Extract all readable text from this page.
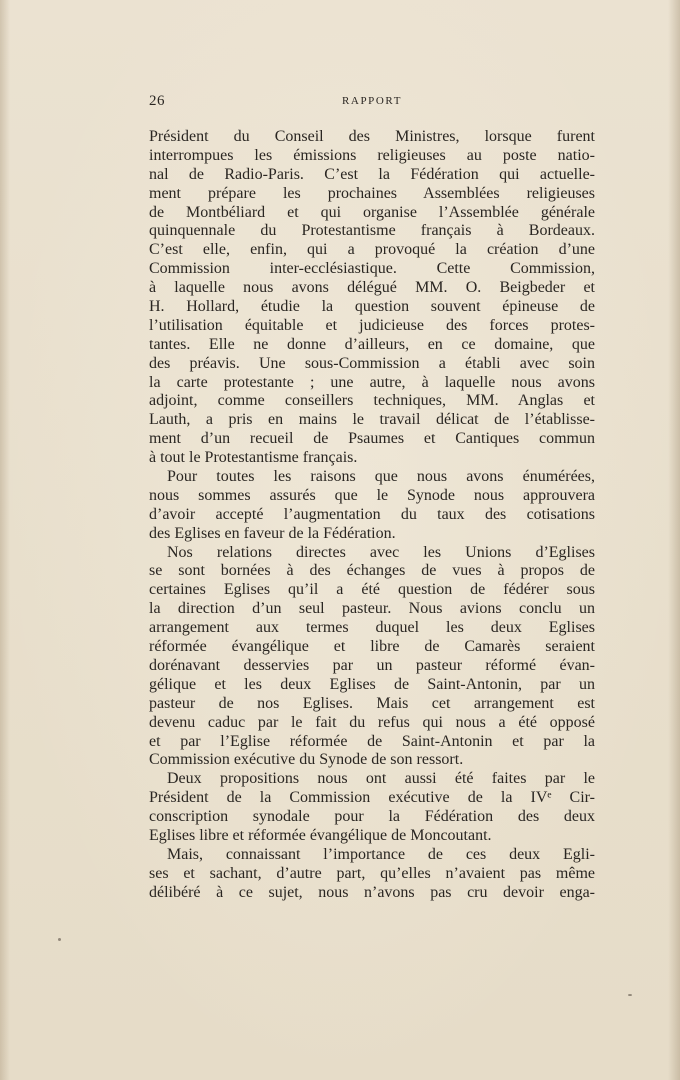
26	RAPPORT
Président du Conseil des Ministres, lorsque furent
interrompues les émissions religieuses au poste natio-
nal de Radio-Paris. C’est la Fédération qui actuelle-
ment prépare les prochaines Assemblées religieuses
de Montbéliard et qui organise l’Assemblée générale
quinquennale du Protestantisme français à Bordeaux.
C’est elle, enfin, qui a provoqué la création d’une
Commission inter-ecclésiastique. Cette Commission,
à laquelle nous avons délégué MM. O. Beigbeder et
H. Hollard, étudie la question souvent épineuse de
l’utilisation équitable et judicieuse des forces protes-
tantes. Elle ne donne d’ailleurs, en ce domaine, que
des préavis. Une sous-Commission a établi avec soin
la carte protestante ; une autre, à laquelle nous avons
adjoint, comme conseillers techniques, MM. Anglas et
Lauth, a pris en mains le travail délicat de l’établisse-
ment d’un recueil de Psaumes et Cantiques commun
à tout le Protestantisme français.
Pour toutes les raisons que nous avons énumérées,
nous sommes assurés que le Synode nous approuvera
d’avoir accepté l’augmentation du taux des cotisations
des Eglises en faveur de la Fédération.
Nos relations directes avec les Unions d’Eglises
se sont bornées à des échanges de vues à propos de
certaines Eglises qu’il a été question de fédérer sous
la direction d’un seul pasteur. Nous avions conclu un
arrangement aux termes duquel les deux Eglises
réformée évangélique et libre de Camarès seraient
dorénavant desservies par un pasteur réformé évan-
gélique et les deux Eglises de Saint-Antonin, par un
pasteur de nos Eglises. Mais cet arrangement est
devenu caduc par le fait du refus qui nous a été opposé
et par l’Eglise réformée de Saint-Antonin et par la
Commission exécutive du Synode de son ressort.
Deux propositions nous ont aussi été faites par le
Président de la Commission exécutive de la IVᵉ Cir-
conscription synodale pour la Fédération des deux
Eglises libre et réformée évangélique de Moncoutant.
Mais, connaissant l’importance de ces deux Egli-
ses et sachant, d’autre part, qu’elles n’avaient pas même
délibéré à ce sujet, nous n’avons pas cru devoir enga-
